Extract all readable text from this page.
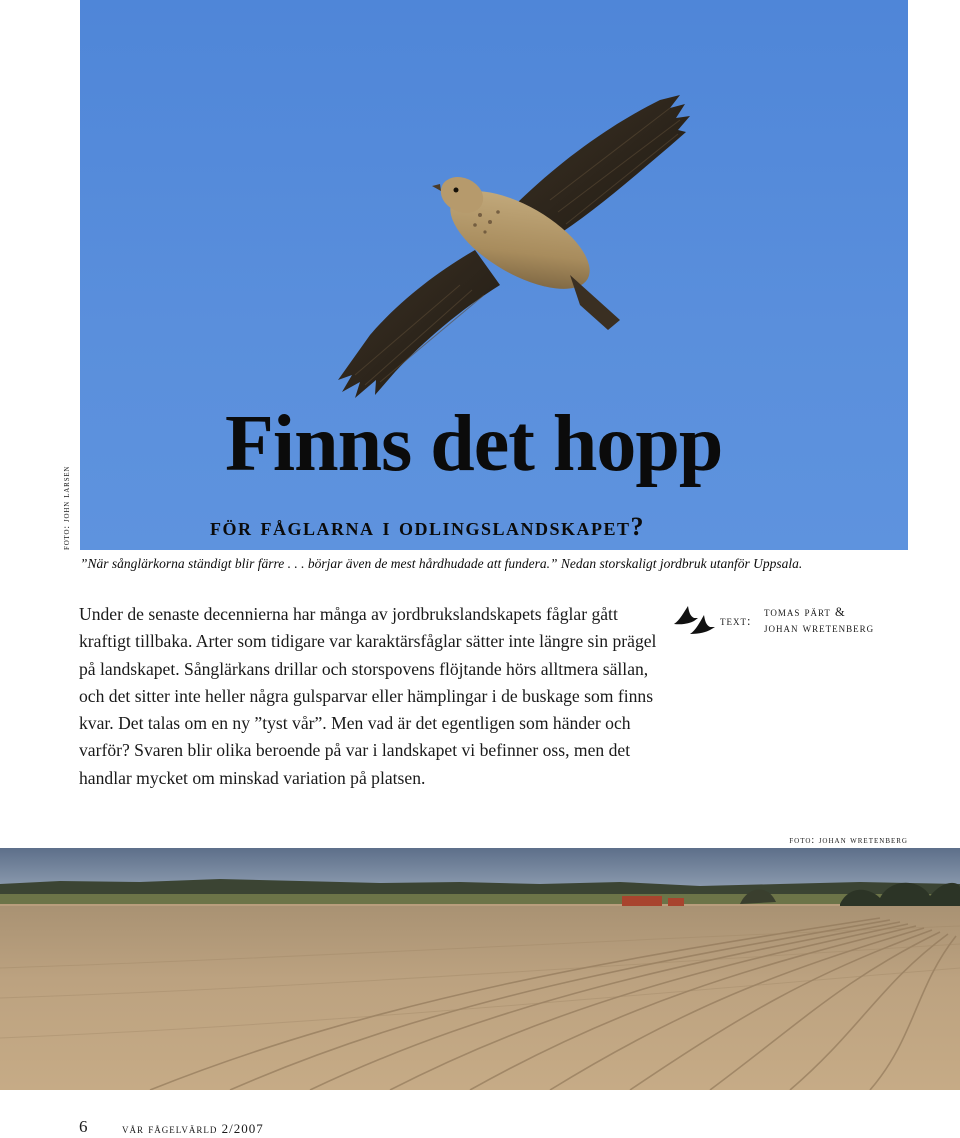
foto: john larsen
Finns det hopp
för fåglarna i odlingslandskapet?
”När sånglärkorna ständigt blir färre . . . börjar även de mest hårdhudade att fundera.” Nedan storskaligt jordbruk utanför Uppsala.
Under de senaste decennierna har många av jordbrukslandskapets fåglar gått kraftigt tillbaka. Arter som tidigare var karaktärsfåglar sätter inte längre sin prägel på landskapet. Sånglärkans drillar och storspovens flöjtande hörs alltmera sällan, och det sitter inte heller några gulsparvar eller hämplingar i de buskage som finns kvar. Det talas om en ny ”tyst vår”. Men vad är det egentligen som händer och varför? Svaren blir olika beroende på var i landskapet vi befinner oss, men det handlar mycket om minskad variation på platsen.
text:
tomas pärt &
johan wretenberg
foto: johan wretenberg
6	vår fågelvärld 2/2007
